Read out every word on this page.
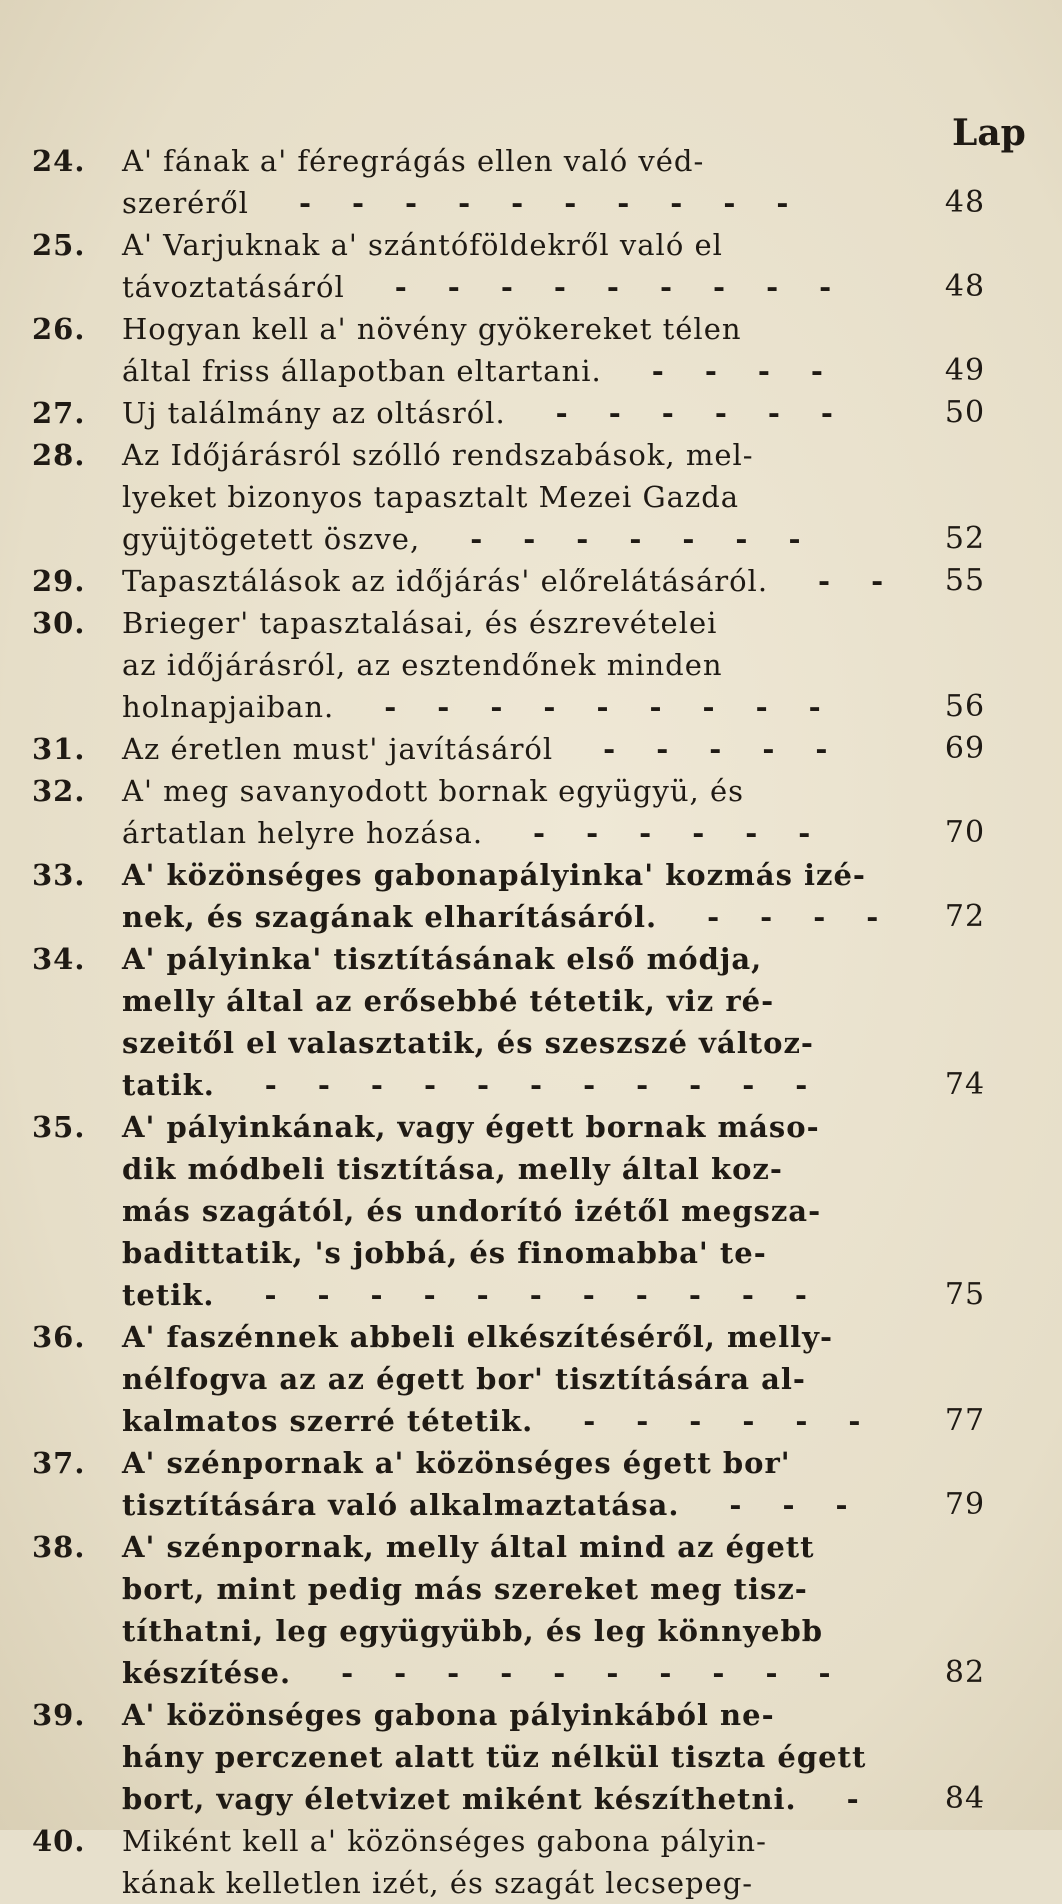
Lap
24.	A' fának a' féregrágás ellen való véd-
szeréről	- - - - - - - - - -	48
25.	A' Varjuknak a' szántóföldekről való el
távoztatásáról	- - - - - - - - -	48
26.	Hogyan kell a' növény gyökereket télen
által friss állapotban eltartani.	- - - -	49
27.	Uj találmány az oltásról.	- - - - - -	50
28.	Az Időjárásról szólló rendszabások, mel-
lyeket bizonyos tapasztalt Mezei Gazda
gyüjtögetett öszve,	- - - - - - -	52
29.	Tapasztálások az időjárás' előrelátásáról.	- -	55
30.	Brieger' tapasztalásai, és észrevételei
az időjárásról, az esztendőnek minden
holnapjaiban.	- - - - - - - - -	56
31.	Az éretlen must' javításáról	- - - - -	69
32.	A' meg savanyodott bornak együgyü, és
ártatlan helyre hozása.	- - - - - -	70
33.	A' közönséges gabonapályinka' kozmás izé-
nek, és szagának elharításáról.	- - - -	72
34.	A' pályinka' tisztításának első módja,
melly által az erősebbé tétetik, viz ré-
szeitől el valasztatik, és szeszszé változ-
tatik.	- - - - - - - - - - -	74
35.	A' pályinkának, vagy égett bornak máso-
dik módbeli tisztítása, melly által koz-
más szagától, és undorító izétől megsza-
badittatik, 's jobbá, és finomabba' te-
tetik.	- - - - - - - - - - -	75
36.	A' faszénnek abbeli elkészítéséről, melly-
nélfogva az az égett bor' tisztítására al-
kalmatos szerré tétetik.	- - - - - -	77
37.	A' szénpornak a' közönséges égett bor'
tisztítására való alkalmaztatása.	- - -	79
38.	A' szénpornak, melly által mind az égett
bort, mint pedig más szereket meg tisz-
títhatni, leg együgyübb, és leg könnyebb
készítése.	- - - - - - - - - -	82
39.	A' közönséges gabona pályinkából ne-
hány perczenet alatt tüz nélkül tiszta égett
bort, vagy életvizet miként készíthetni.	-	84
40.	Miként kell a' közönséges gabona pályin-
kának kelletlen izét, és szagát lecsepeg-
